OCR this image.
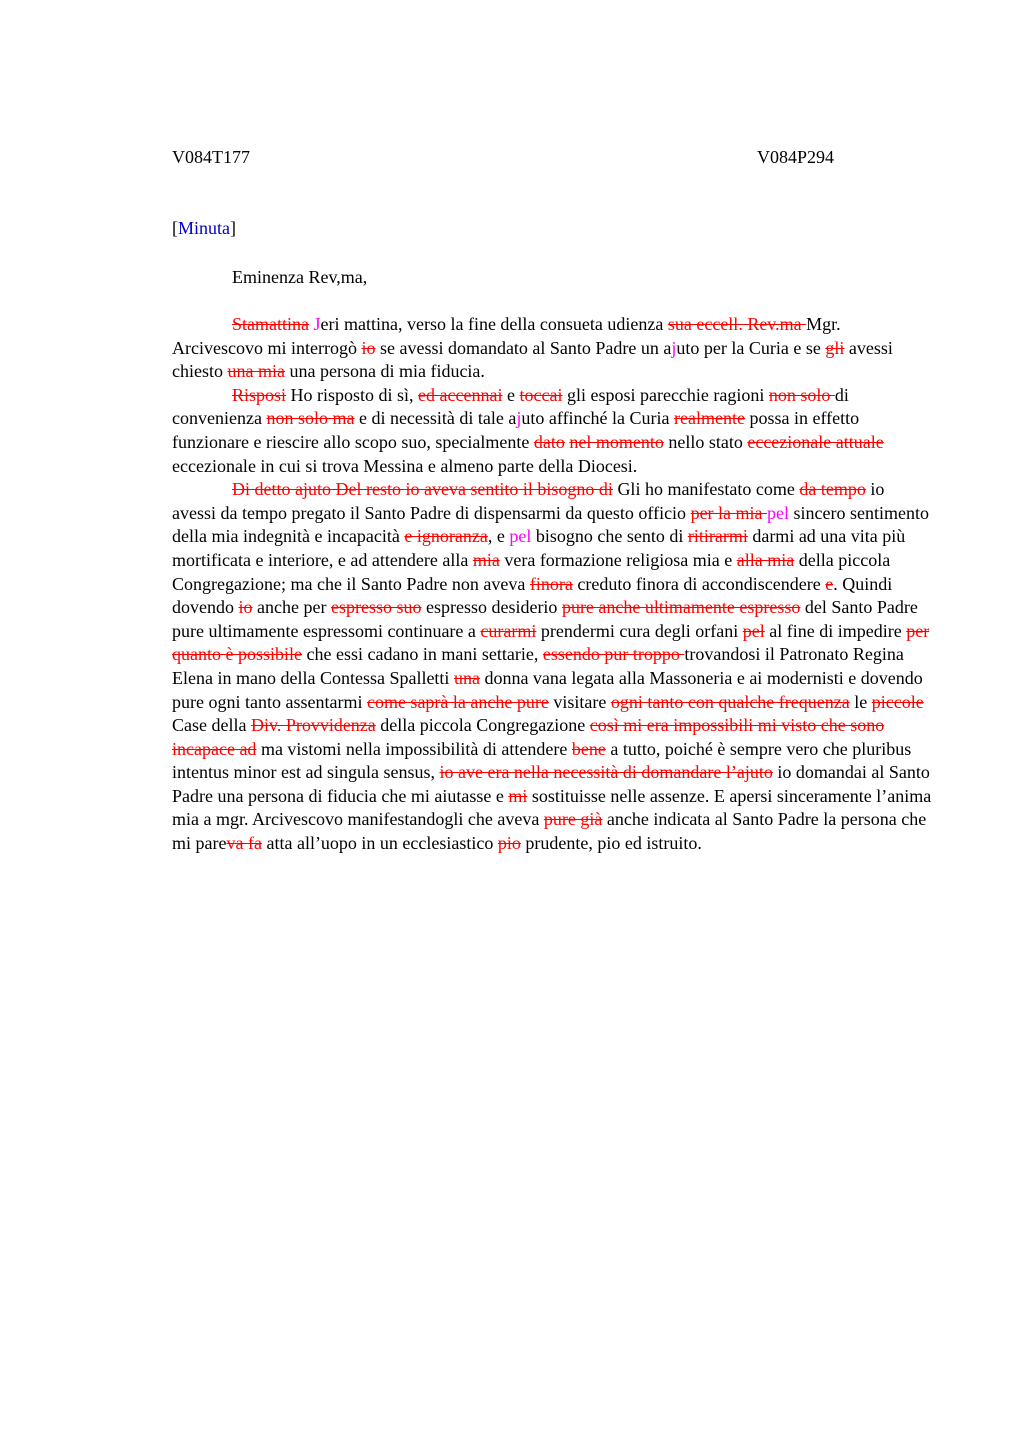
V084T177	V084P294
[Minuta]
Eminenza Rev,ma,

Stamattina Jeri mattina, verso la fine della consueta udienza sua eccell. Rev.ma Mgr. Arcivescovo mi interrogò io se avessi domandato al Santo Padre un ajuto per la Curia e se gli avessi chiesto una mia una persona di mia fiducia.

Risposi Ho risposto di sì, ed accennai e toccai gli esposi parecchie ragioni non solo di convenienza non solo ma e di necessità di tale ajuto affinché la Curia realmente possa in effetto funzionare e riescire allo scopo suo, specialmente dato nel momento nello stato eccezionale attuale eccezionale in cui si trova Messina e almeno parte della Diocesi.

Di detto ajuto Del resto io aveva sentito il bisogno di Gli ho manifestato come da tempo io avessi da tempo pregato il Santo Padre di dispensarmi da questo officio per la mia pel sincero sentimento della mia indegnità e incapacità e ignoranza, e pel bisogno che sento di ritirarmi darmi ad una vita più mortificata e interiore, e ad attendere alla mia vera formazione religiosa mia e alla mia della piccola Congregazione; ma che il Santo Padre non aveva finora creduto finora di accondiscendere e. Quindi dovendo io anche per espresso suo espresso desiderio pure anche ultimamente espresso del Santo Padre pure ultimamente espressomi continuare a curarmi prendermi cura degli orfani pel al fine di impedire per quanto è possibile che essi cadano in mani settarie, essendo pur troppo trovandosi il Patronato Regina Elena in mano della Contessa Spalletti una donna vana legata alla Massoneria e ai modernisti e dovendo pure ogni tanto assentarmi come saprà la anche pure visitare ogni tanto con qualche frequenza le piccole Case della Div. Provvidenza della piccola Congregazione così mi era impossibili mi visto che sono incapace ad ma vistomi nella impossibilità di attendere bene a tutto, poiché è sempre vero che pluribus intentus minor est ad singula sensus, io ave era nella necessità di domandare l’ajuto io domandai al Santo Padre una persona di fiducia che mi aiutasse e mi sostituisse nelle assenze. E apersi sinceramente l’anima mia a mgr. Arcivescovo manifestandogli che aveva pure già anche indicata al Santo Padre la persona che mi pareva fa atta all’uopo in un ecclesiastico pio prudente, pio ed istruito.
